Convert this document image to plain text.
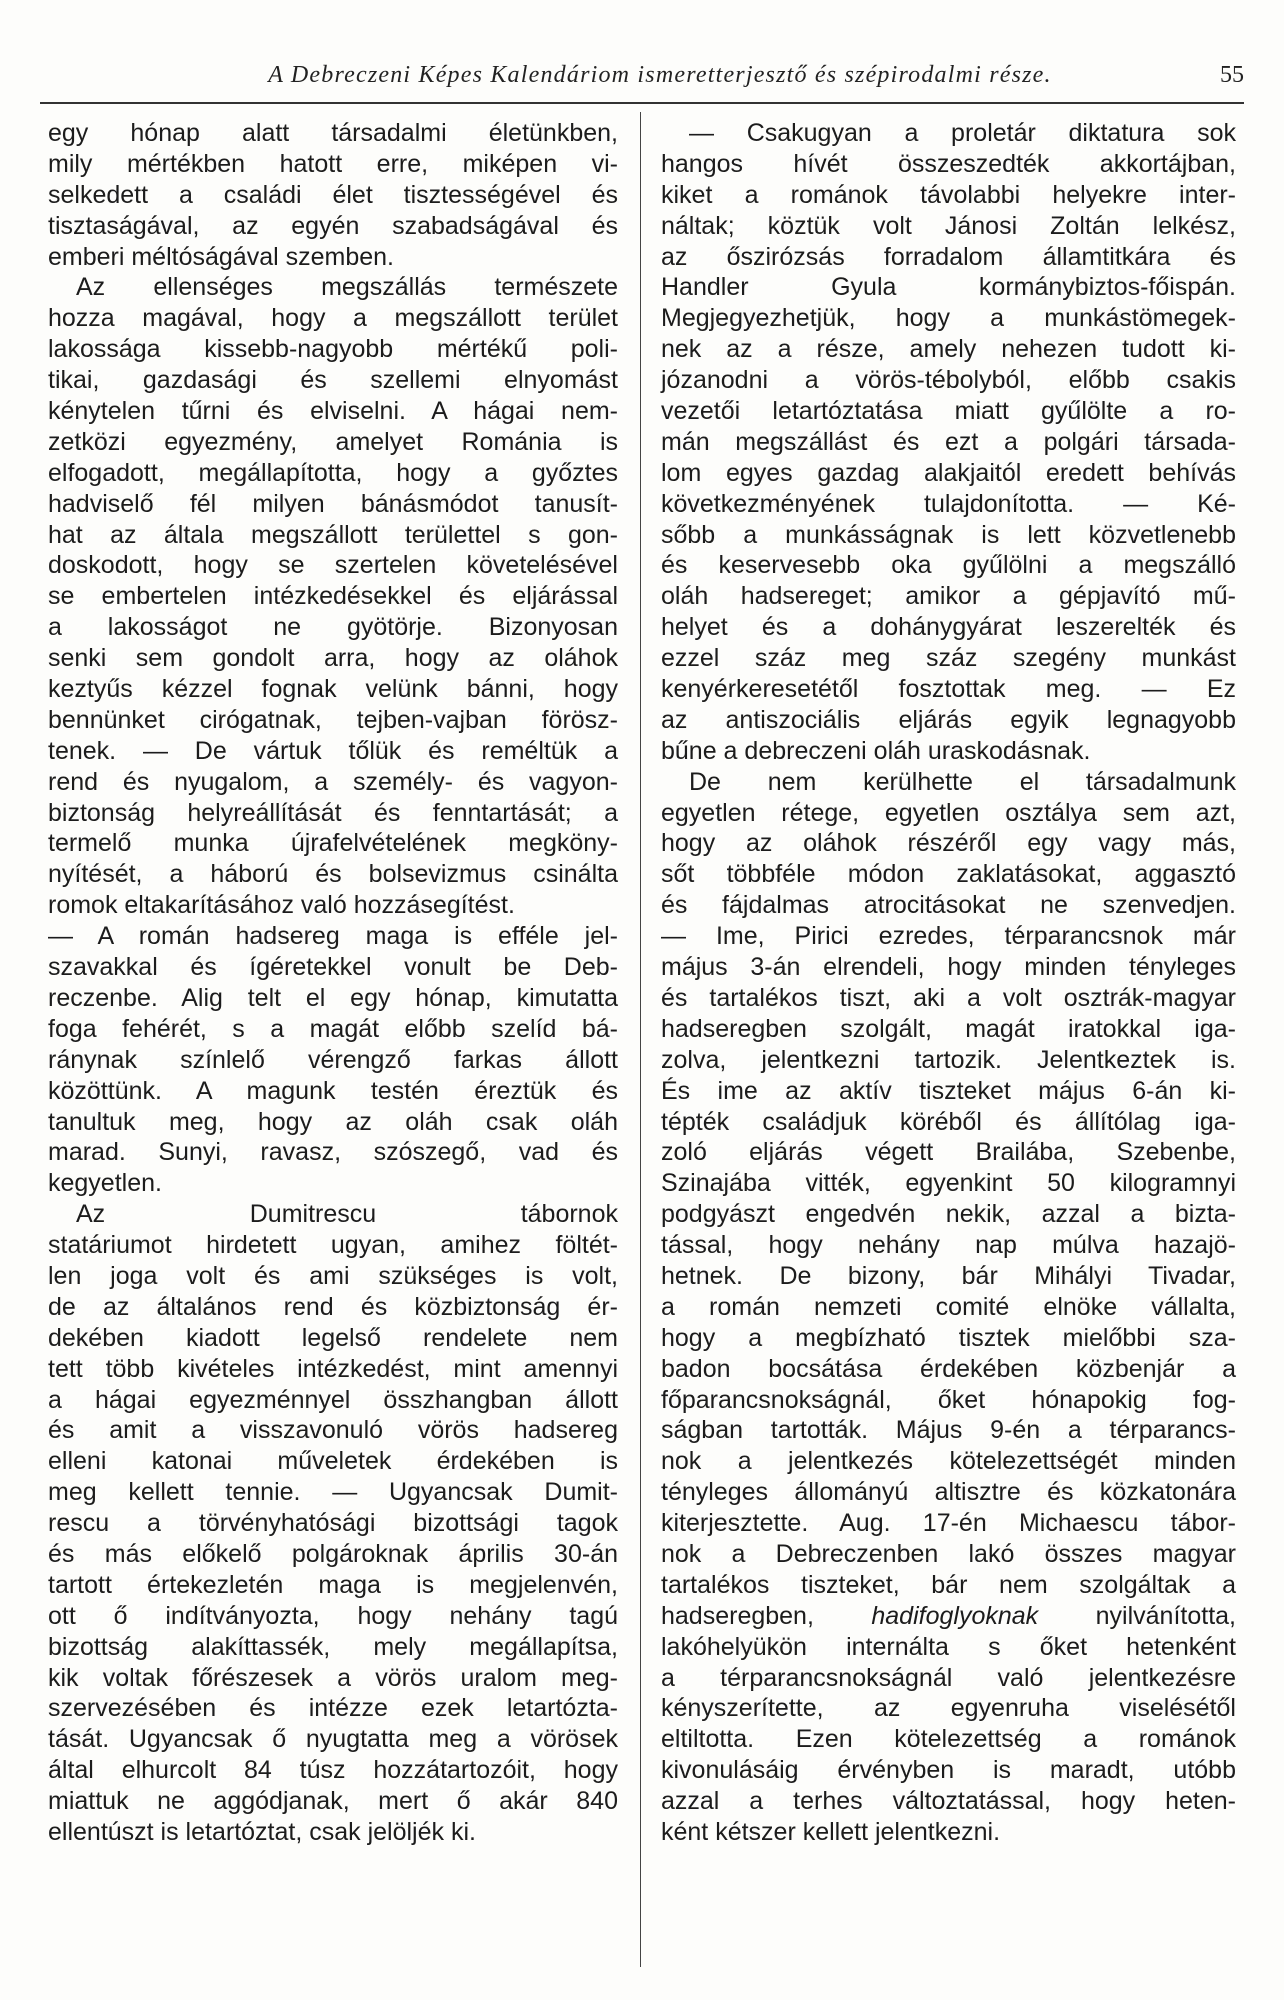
A Debreczeni Képes Kalendáriom ismeretterjesztő és szépirodalmi része.	55
egy hónap alatt társadalmi életünkben,
mily mértékben hatott erre, miképen vi-
selkedett a családi élet tisztességével és
tisztaságával, az egyén szabadságával és
emberi méltóságával szemben.
Az ellenséges megszállás természete
hozza magával, hogy a megszállott terület
lakossága kissebb-nagyobb mértékű poli-
tikai, gazdasági és szellemi elnyomást
kénytelen tűrni és elviselni. A hágai nem-
zetközi egyezmény, amelyet Románia is
elfogadott, megállapította, hogy a győztes
hadviselő fél milyen bánásmódot tanusít-
hat az általa megszállott területtel s gon-
doskodott, hogy se szertelen követelésével
se embertelen intézkedésekkel és eljárással
a lakosságot ne gyötörje. Bizonyosan
senki sem gondolt arra, hogy az oláhok
keztyűs kézzel fognak velünk bánni, hogy
bennünket cirógatnak, tejben-vajban förösz-
tenek. — De vártuk tőlük és reméltük a
rend és nyugalom, a személy- és vagyon-
biztonság helyreállítását és fenntartását; a
termelő munka újrafelvételének megköny-
nyítését, a háború és bolsevizmus csinálta
romok eltakarításához való hozzásegítést.
— A román hadsereg maga is efféle jel-
szavakkal és ígéretekkel vonult be Deb-
reczenbe. Alig telt el egy hónap, kimutatta
foga fehérét, s a magát előbb szelíd bá-
ránynak színlelő vérengző farkas állott
közöttünk. A magunk testén éreztük és
tanultuk meg, hogy az oláh csak oláh
marad. Sunyi, ravasz, szószegő, vad és
kegyetlen.
Az Dumitrescu tábornok
statáriumot hirdetett ugyan, amihez föltét-
len joga volt és ami szükséges is volt,
de az általános rend és közbiztonság ér-
dekében kiadott legelső rendelete nem
tett több kivételes intézkedést, mint amennyi
a hágai egyezménnyel összhangban állott
és amit a visszavonuló vörös hadsereg
elleni katonai műveletek érdekében is
meg kellett tennie. — Ugyancsak Dumit-
rescu a törvényhatósági bizottsági tagok
és más előkelő polgároknak április 30-án
tartott értekezletén maga is megjelenvén,
ott ő indítványozta, hogy nehány tagú
bizottság alakíttassék, mely megállapítsa,
kik voltak főrészesek a vörös uralom meg-
szervezésében és intézze ezek letartózta-
tását. Ugyancsak ő nyugtatta meg a vörösek
által elhurcolt 84 túsz hozzátartozóit, hogy
miattuk ne aggódjanak, mert ő akár 840
ellentúszt is letartóztat, csak jelöljék ki.
— Csakugyan a proletár diktatura sok
hangos hívét összeszedték akkortájban,
kiket a románok távolabbi helyekre inter-
náltak; köztük volt Jánosi Zoltán lelkész,
az őszirózsás forradalom államtitkára és
Handler Gyula kormánybiztos-főispán.
Megjegyezhetjük, hogy a munkástömegek-
nek az a része, amely nehezen tudott ki-
józanodni a vörös-tébolyból, előbb csakis
vezetői letartóztatása miatt gyűlölte a ro-
mán megszállást és ezt a polgári társada-
lom egyes gazdag alakjaitól eredett behívás
következményének tulajdonította. — Ké-
sőbb a munkásságnak is lett közvetlenebb
és keservesebb oka gyűlölni a megszálló
oláh hadsereget; amikor a gépjavító mű-
helyet és a dohánygyárat leszerelték és
ezzel száz meg száz szegény munkást
kenyérkeresetétől fosztottak meg. — Ez
az antiszociális eljárás egyik legnagyobb
bűne a debreczeni oláh uraskodásnak.
De nem kerülhette el társadalmunk
egyetlen rétege, egyetlen osztálya sem azt,
hogy az oláhok részéről egy vagy más,
sőt többféle módon zaklatásokat, aggasztó
és fájdalmas atrocitásokat ne szenvedjen.
— Ime, Pirici ezredes, térparancsnok már
május 3-án elrendeli, hogy minden tényleges
és tartalékos tiszt, aki a volt osztrák-magyar
hadseregben szolgált, magát iratokkal iga-
zolva, jelentkezni tartozik. Jelentkeztek is.
És ime az aktív tiszteket május 6-án ki-
tépték családjuk köréből és állítólag iga-
zoló eljárás végett Brailába, Szebenbe,
Szinajába vitték, egyenkint 50 kilogramnyi
podgyászt engedvén nekik, azzal a bizta-
tással, hogy nehány nap múlva hazajö-
hetnek. De bizony, bár Mihályi Tivadar,
a román nemzeti comité elnöke vállalta,
hogy a megbízható tisztek mielőbbi sza-
badon bocsátása érdekében közbenjár a
főparancsnokságnál, őket hónapokig fog-
ságban tartották. Május 9-én a térparancs-
nok a jelentkezés kötelezettségét minden
tényleges állományú altisztre és közkatonára
kiterjesztette. Aug. 17-én Michaescu tábor-
nok a Debreczenben lakó összes magyar
tartalékos tiszteket, bár nem szolgáltak a
hadseregben, hadifoglyoknak nyilvánította,
lakóhelyükön internálta s őket hetenként
a térparancsnokságnál való jelentkezésre
kényszerítette, az egyenruha viselésétől
eltiltotta. Ezen kötelezettség a románok
kivonulásáig érvényben is maradt, utóbb
azzal a terhes változtatással, hogy heten-
ként kétszer kellett jelentkezni.
